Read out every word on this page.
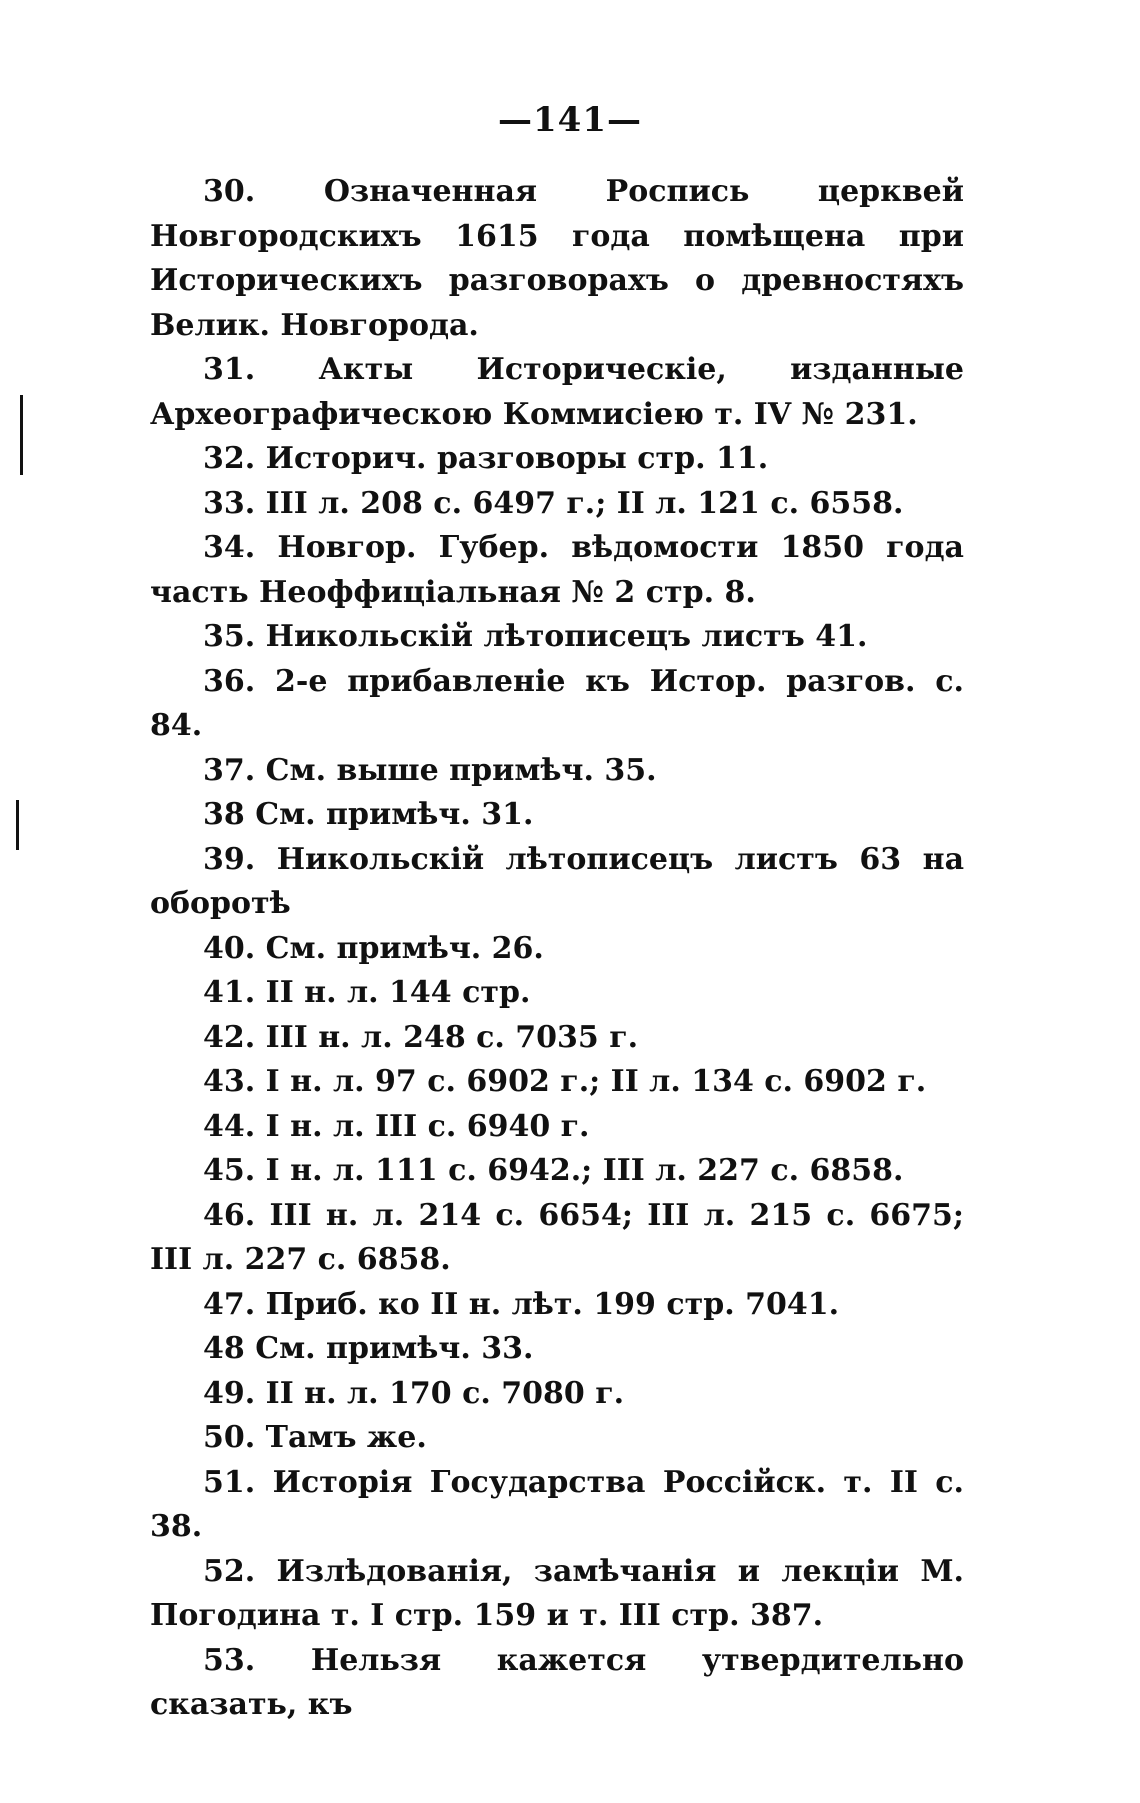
—141—

30. Означенная Роспись церквей Новгородскихъ 1615 года помѣщена при Историческихъ разговорахъ о древностяхъ Велик. Новгорода.

31. Акты Историческіе, изданные Археографическою Коммисіею т. IV № 231.

32. Историч. разговоры стр. 11.

33. III л. 208 с. 6497 г.; II л. 121 с. 6558.

34. Новгор. Губер. вѣдомости 1850 года часть Неоффиціальная № 2 стр. 8.

35. Никольскій лѣтописецъ листъ 41.

36. 2-е прибавленіе къ Истор. разгов. с. 84.

37. См. выше примѣч. 35.

38 См. примѣч. 31.

39. Никольскій лѣтописецъ листъ 63 на оборотѣ

40. См. примѣч. 26.

41. II н. л. 144 стр.

42. III н. л. 248 с. 7035 г.

43. I н. л. 97 с. 6902 г.; II л. 134 с. 6902 г.

44. I н. л. III с. 6940 г.

45. I н. л. 111 с. 6942.; III л. 227 с. 6858.

46. III н. л. 214 с. 6654; III л. 215 с. 6675; III л. 227 с. 6858.

47. Приб. ко II н. лѣт. 199 стр. 7041.

48 См. примѣч. 33.

49. II н. л. 170 с. 7080 г.

50. Тамъ же.

51. Исторія Государства Россійск. т. II с. 38.

52. Излѣдованія, замѣчанія и лекціи М. Погодина т. I стр. 159 и т. III стр. 387.

53. Нельзя кажется утвердительно сказать, къ
